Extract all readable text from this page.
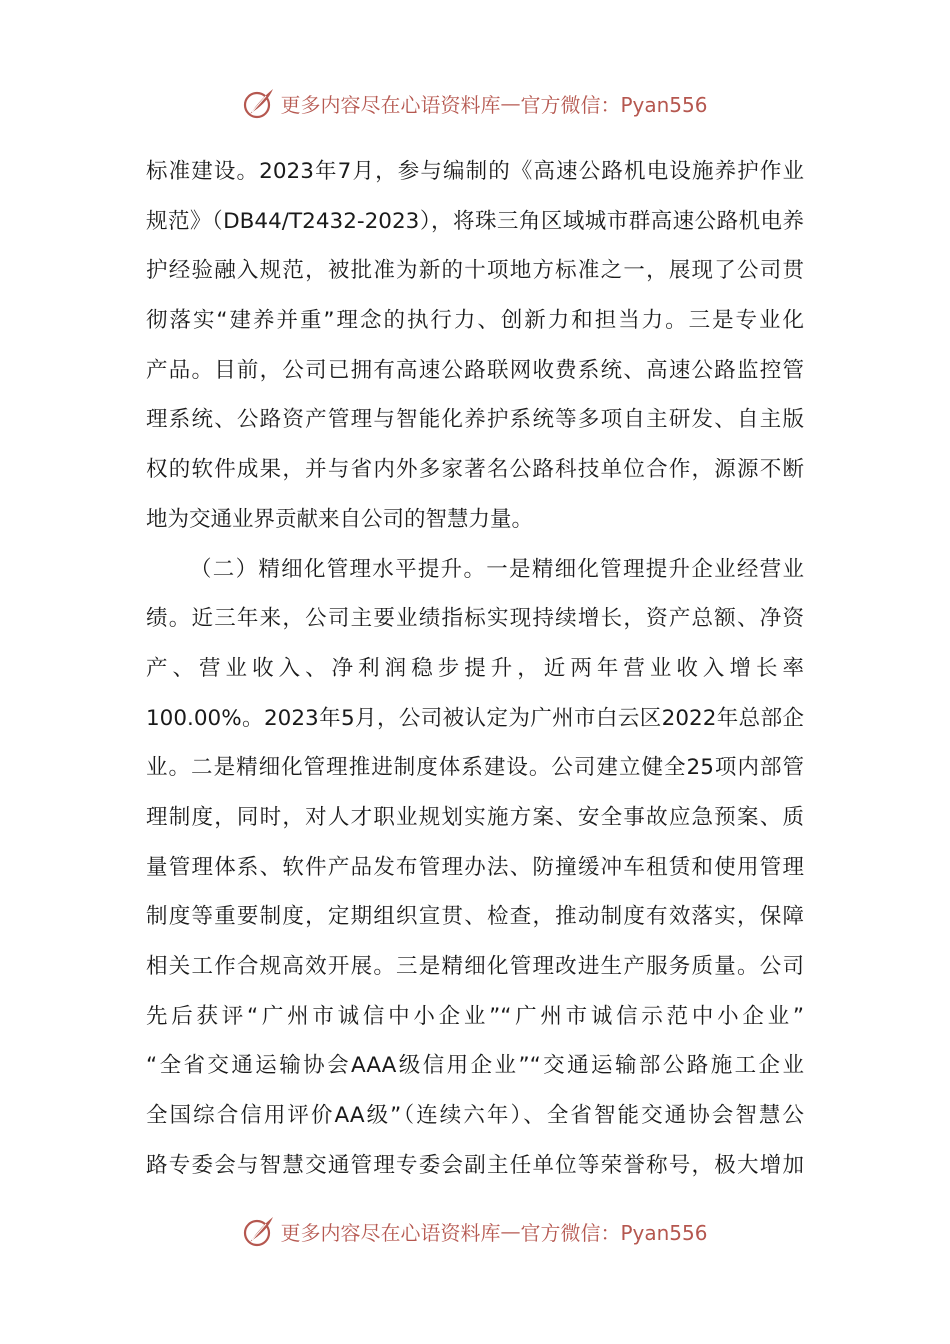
更多内容尽在心语资料库 — 官方微信：Pyan556
标准建设。2023年7月，参与编制的《高速公路机电设施养护作业
规范》（DB44/T2432-2023），将珠三角区域城市群高速公路机电养
护经验融入规范，被批准为新的十项地方标准之一，展现了公司贯
彻落实“建养并重”理念的执行力、创新力和担当力。三是专业化
产品。目前，公司已拥有高速公路联网收费系统、高速公路监控管
理系统、公路资产管理与智能化养护系统等多项自主研发、自主版
权的软件成果，并与省内外多家著名公路科技单位合作，源源不断
地为交通业界贡献来自公司的智慧力量。
（二）精细化管理水平提升。一是精细化管理提升企业经营业
绩。近三年来，公司主要业绩指标实现持续增长，资产总额、净资
产、营业收入、净利润稳步提升，近两年营业收入增长率
100.00%。2023年5月，公司被认定为广州市白云区2022年总部企
业。二是精细化管理推进制度体系建设。公司建立健全25项内部管
理制度，同时，对人才职业规划实施方案、安全事故应急预案、质
量管理体系、软件产品发布管理办法、防撞缓冲车租赁和使用管理
制度等重要制度，定期组织宣贯、检查，推动制度有效落实，保障
相关工作合规高效开展。三是精细化管理改进生产服务质量。公司
先后获评“广州市诚信中小企业”“广州市诚信示范中小企业”
“全省交通运输协会AAA级信用企业”“交通运输部公路施工企业
全国综合信用评价AA级”（连续六年）、全省智能交通协会智慧公
路专委会与智慧交通管理专委会副主任单位等荣誉称号，极大增加
更多内容尽在心语资料库 — 官方微信：Pyan556
